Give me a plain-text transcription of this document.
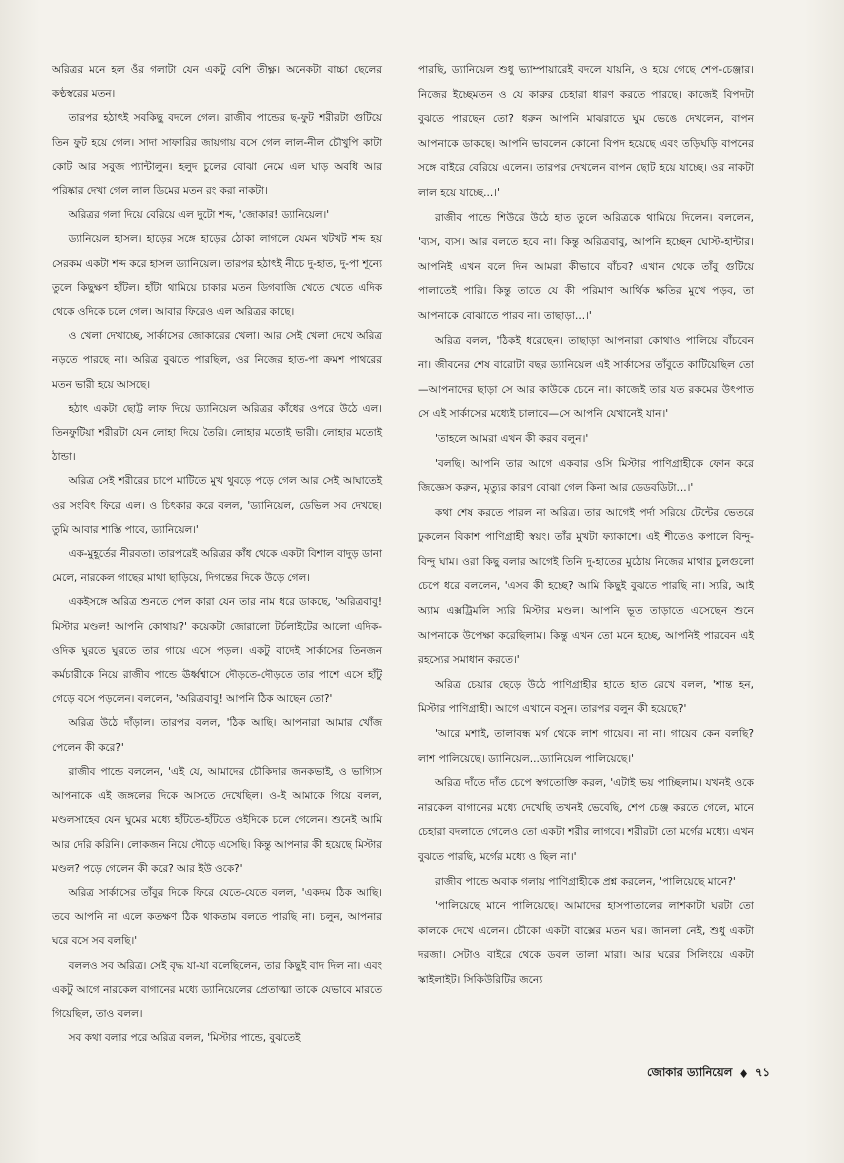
অরিত্রর মনে হল ওঁর গলাটা যেন একটু বেশি তীক্ষ্ণ। অনেকটা বাচ্চা ছেলের কণ্ঠস্বরের মতন।

তারপর হঠাৎই সবকিছু বদলে গেল। রাজীব পান্ডের ছ-ফুট শরীরটা গুটিয়ে তিন ফুট হয়ে গেল। সাদা সাফারির জায়গায় বসে গেল লাল-নীল চৌখুপি কাটা কোট আর সবুজ প্যান্টালুন। হলুদ চুলের বোঝা নেমে এল ঘাড় অবধি আর পরিষ্কার দেখা গেল লাল ডিমের মতন রং করা নাকটা।

অরিত্রর গলা দিয়ে বেরিয়ে এল দুটো শব্দ, 'জোকার! ড্যানিয়েল।'

ড্যানিয়েল হাসল। হাড়ের সঙ্গে হাড়ের ঠোকা লাগলে যেমন খটখট শব্দ হয় সেরকম একটা শব্দ করে হাসল ড্যানিয়েল। তারপর হঠাৎই নীচে দু-হাত, দু-পা শূন্যে তুলে কিছুক্ষণ হাঁটল। হাঁটা থামিয়ে চাকার মতন ডিগবাজি খেতে খেতে এদিক থেকে ওদিকে চলে গেল। আবার ফিরেও এল অরিত্রর কাছে।

ও খেলা দেখাচ্ছে, সার্কাসের জোকারের খেলা। আর সেই খেলা দেখে অরিত্র নড়তে পারছে না। অরিত্র বুঝতে পারছিল, ওর নিজের হাত-পা ক্রমশ পাথরের মতন ভারী হয়ে আসছে।

হঠাৎ একটা ছোট্ট লাফ দিয়ে ড্যানিয়েল অরিত্রর কাঁধের ওপরে উঠে এল। তিনফুটিয়া শরীরটা যেন লোহা দিয়ে তৈরি। লোহার মতোই ভারী। লোহার মতোই ঠান্ডা।

অরিত্র সেই শরীরের চাপে মাটিতে মুখ থুবড়ে পড়ে গেল আর সেই আঘাতেই ওর সংবিৎ ফিরে এল। ও চিৎকার করে বলল, 'ড্যানিয়েল, ডেভিল সব দেখছে। তুমি আবার শাস্তি পাবে, ড্যানিয়েল।'

এক-মুহূর্তের নীরবতা। তারপরেই অরিত্রর কাঁধ থেকে একটা বিশাল বাদুড় ডানা মেলে, নারকেল গাছের মাথা ছাড়িয়ে, দিগন্তের দিকে উড়ে গেল।

একইসঙ্গে অরিত্র শুনতে পেল কারা যেন তার নাম ধরে ডাকছে, 'অরিত্রবাবু! মিস্টার মণ্ডল! আপনি কোথায়?' কয়েকটা জোরালো টর্চলাইটের আলো এদিক-ওদিক ঘুরতে ঘুরতে তার গায়ে এসে পড়ল। একটু বাদেই সার্কাসের তিনজন কর্মচারীকে নিয়ে রাজীব পান্ডে ঊর্ধ্বশ্বাসে দৌড়তে-দৌড়তে তার পাশে এসে হাঁটু গেড়ে বসে পড়লেন। বললেন, 'অরিত্রবাবু! আপনি ঠিক আছেন তো?'

অরিত্র উঠে দাঁড়াল। তারপর বলল, 'ঠিক আছি। আপনারা আমার খোঁজ পেলেন কী করে?'

রাজীব পান্ডে বললেন, 'এই যে, আমাদের চৌকিদার জনকভাই, ও ভাগ্যিস আপনাকে এই জঙ্গলের দিকে আসতে দেখেছিল। ও-ই আমাকে গিয়ে বলল, মণ্ডলসাহেব যেন ঘুমের মধ্যে হাঁটতে-হাঁটতে ওইদিকে চলে গেলেন। শুনেই আমি আর দেরি করিনি। লোকজন নিয়ে দৌড়ে এসেছি। কিন্তু আপনার কী হয়েছে মিস্টার মণ্ডল? পড়ে গেলেন কী করে? আর ইউ ওকে?'

অরিত্র সার্কাসের তাঁবুর দিকে ফিরে যেতে-যেতে বলল, 'একদম ঠিক আছি। তবে আপনি না এলে কতক্ষণ ঠিক থাকতাম বলতে পারছি না। চলুন, আপনার ঘরে বসে সব বলছি।'

বললও সব অরিত্র। সেই বৃদ্ধ যা-যা বলেছিলেন, তার কিছুই বাদ দিল না। এবং একটু আগে নারকেল বাগানের মধ্যে ড্যানিয়েলের প্রেতাত্মা তাকে যেভাবে মারতে গিয়েছিল, তাও বলল।

সব কথা বলার পরে অরিত্র বলল, 'মিস্টার পান্ডে, বুঝতেই

পারছি, ড্যানিয়েল শুধু ভ্যাম্পায়ারেই বদলে যায়নি, ও হয়ে গেছে শেপ-চেঞ্জার। নিজের ইচ্ছেমতন ও যে কারুর চেহারা ধারণ করতে পারছে। কাজেই বিপদটা বুঝতে পারছেন তো? ধরুন আপনি মাঝরাতে ঘুম ভেঙে দেখলেন, বাপন আপনাকে ডাকছে। আপনি ভাবলেন কোনো বিপদ হয়েছে এবং তড়িঘড়ি বাপনের সঙ্গে বাইরে বেরিয়ে এলেন। তারপর দেখলেন বাপন ছোট হয়ে যাচ্ছে। ওর নাকটা লাল হয়ে যাচ্ছে...।'

রাজীব পান্ডে শিউরে উঠে হাত তুলে অরিত্রকে থামিয়ে দিলেন। বললেন, 'ব্যস, ব্যস। আর বলতে হবে না। কিন্তু অরিত্রবাবু, আপনি হচ্ছেন ঘোস্ট-হান্টার। আপনিই এখন বলে দিন আমরা কীভাবে বাঁচব? এখান থেকে তাঁবু গুটিয়ে পালাতেই পারি। কিন্তু তাতে যে কী পরিমাণ আর্থিক ক্ষতির মুখে পড়ব, তা আপনাকে বোঝাতে পারব না। তাছাড়া...।'

অরিত্র বলল, 'ঠিকই ধরেছেন। তাছাড়া আপনারা কোথাও পালিয়ে বাঁচবেন না। জীবনের শেষ বারোটা বছর ড্যানিয়েল এই সার্কাসের তাঁবুতে কাটিয়েছিল তো—আপনাদের ছাড়া সে আর কাউকে চেনে না। কাজেই তার যত রকমের উৎপাত সে এই সার্কাসের মধ্যেই চালাবে—সে আপনি যেখানেই যান।'

'তাহলে আমরা এখন কী করব বলুন।'

'বলছি। আপনি তার আগে একবার ওসি মিস্টার পাণিগ্রাহীকে ফোন করে জিজ্ঞেস করুন, মৃত্যুর কারণ বোঝা গেল কিনা আর ডেডবডিটা...।'

কথা শেষ করতে পারল না অরিত্র। তার আগেই পর্দা সরিয়ে টেন্টের ভেতরে ঢুকলেন বিকাশ পাণিগ্রাহী স্বয়ং। তাঁর মুখটা ফ্যাকাশে। এই শীতেও কপালে বিন্দু-বিন্দু ঘাম। ওরা কিছু বলার আগেই তিনি দু-হাতের মুঠোয় নিজের মাথার চুলগুলো চেপে ধরে বললেন, 'এসব কী হচ্ছে? আমি কিছুই বুঝতে পারছি না। স্যরি, আই অ্যাম এক্সট্রিমলি স্যরি মিস্টার মণ্ডল। আপনি ভূত তাড়াতে এসেছেন শুনে আপনাকে উপেক্ষা করেছিলাম। কিন্তু এখন তো মনে হচ্ছে, আপনিই পারবেন এই রহস্যের সমাধান করতে।'

অরিত্র চেয়ার ছেড়ে উঠে পাণিগ্রাহীর হাতে হাত রেখে বলল, 'শান্ত হন, মিস্টার পাণিগ্রাহী। আগে এখানে বসুন। তারপর বলুন কী হয়েছে?'

'আরে মশাই, তালাবন্ধ মর্গ থেকে লাশ গায়েব। না না। গায়েব কেন বলছি? লাশ পালিয়েছে। ড্যানিয়েল...ড্যানিয়েল পালিয়েছে।'

অরিত্র দাঁতে দাঁত চেপে স্বগতোক্তি করল, 'এটাই ভয় পাচ্ছিলাম। যখনই ওকে নারকেল বাগানের মধ্যে দেখেছি তখনই ভেবেছি, শেপ চেঞ্জ করতে গেলে, মানে চেহারা বদলাতে গেলেও তো একটা শরীর লাগবে। শরীরটা তো মর্গের মধ্যে। এখন বুঝতে পারছি, মর্গের মধ্যে ও ছিল না।'

রাজীব পান্ডে অবাক গলায় পাণিগ্রাহীকে প্রশ্ন করলেন, 'পালিয়েছে মানে?'

'পালিয়েছে মানে পালিয়েছে। আমাদের হাসপাতালের লাশকাটা ঘরটা তো কালকে দেখে এলেন। চৌকো একটা বাক্সের মতন ঘর। জানলা নেই, শুধু একটা দরজা। সেটাও বাইরে থেকে ডবল তালা মারা। আর ঘরের সিলিংয়ে একটা স্কাইলাইট। সিকিউরিটির জন্যে

জোকার ড্যানিয়েল ♦ ৭১
